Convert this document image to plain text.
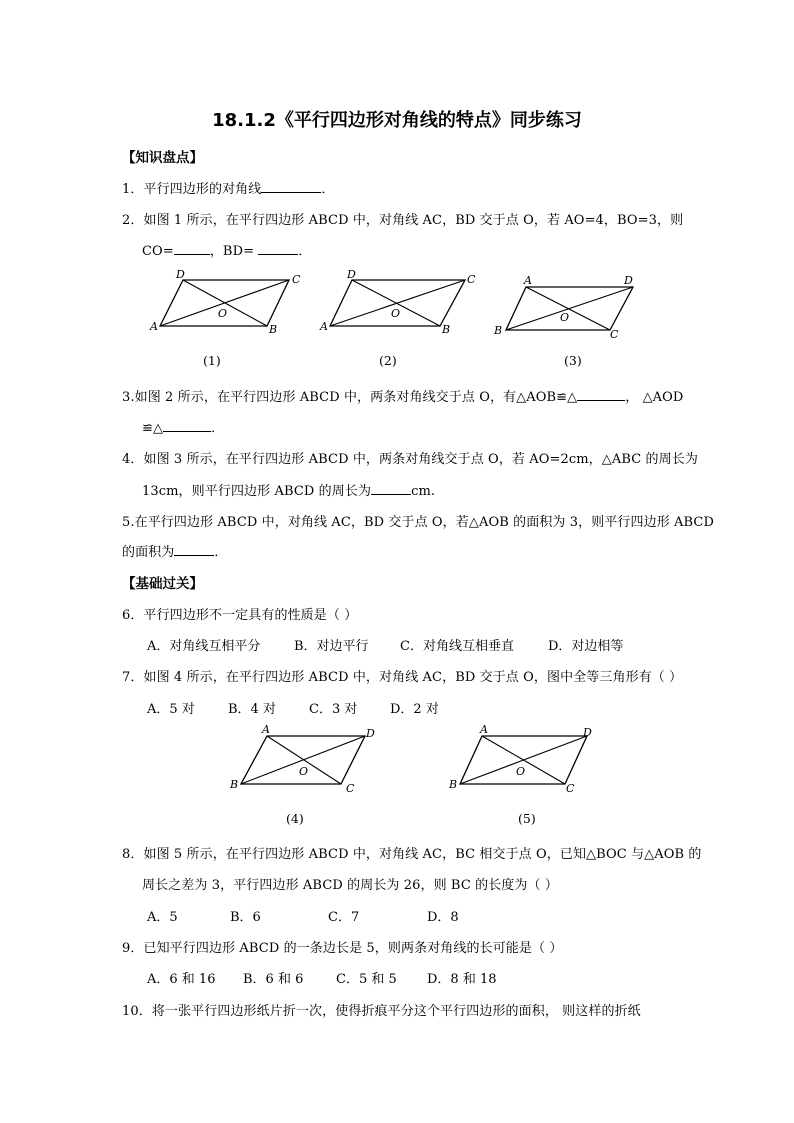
18.1.2《平行四边形对角线的特点》同步练习
【知识盘点】
1．平行四边形的对角线	．
2．如图 1 所示，在平行四边形 ABCD 中，对角线 AC，BD 交于点 O，若 AO=4，BO=3，则
CO=	，BD=	．
D	C
A	B
O
D	C
A	B
O
A	D
B	C
O
(1)	(2)	(3)
3.如图 2 所示，在平行四边形 ABCD 中，两条对角线交于点 O，有△AOB≌△	， △AOD
≌△	．
4．如图 3 所示，在平行四边形 ABCD 中，两条对角线交于点 O，若 AO=2cm，△ABC 的周长为
13cm，则平行四边形 ABCD 的周长为	cm.
5.在平行四边形 ABCD 中，对角线 AC，BD 交于点 O，若△AOB 的面积为 3，则平行四边形 ABCD
的面积为	．
【基础过关】
6．平行四边形不一定具有的性质是（ ）
A．对角线互相平分	B．对边平行 C．对角线互相垂直	D．对边相等
7．如图 4 所示，在平行四边形 ABCD 中，对角线 AC，BD 交于点 O，图中全等三角形有（ ）
A．5 对	B．4 对	C．3 对	D．2 对
A	D
B	C
O
A	D
B	C
O
(4)	(5)
8．如图 5 所示，在平行四边形 ABCD 中，对角线 AC，BC 相交于点 O，已知△BOC 与△AOB 的
周长之差为 3，平行四边形 ABCD 的周长为 26，则 BC 的长度为（ ）
A．5	B．6	C．7	D．8
9．已知平行四边形 ABCD 的一条边长是 5，则两条对角线的长可能是（ ）
A．6 和 16 B．6 和 6	C．5 和 5 D．8 和 18
10．将一张平行四边形纸片折一次，使得折痕平分这个平行四边形的面积， 则这样的折纸
